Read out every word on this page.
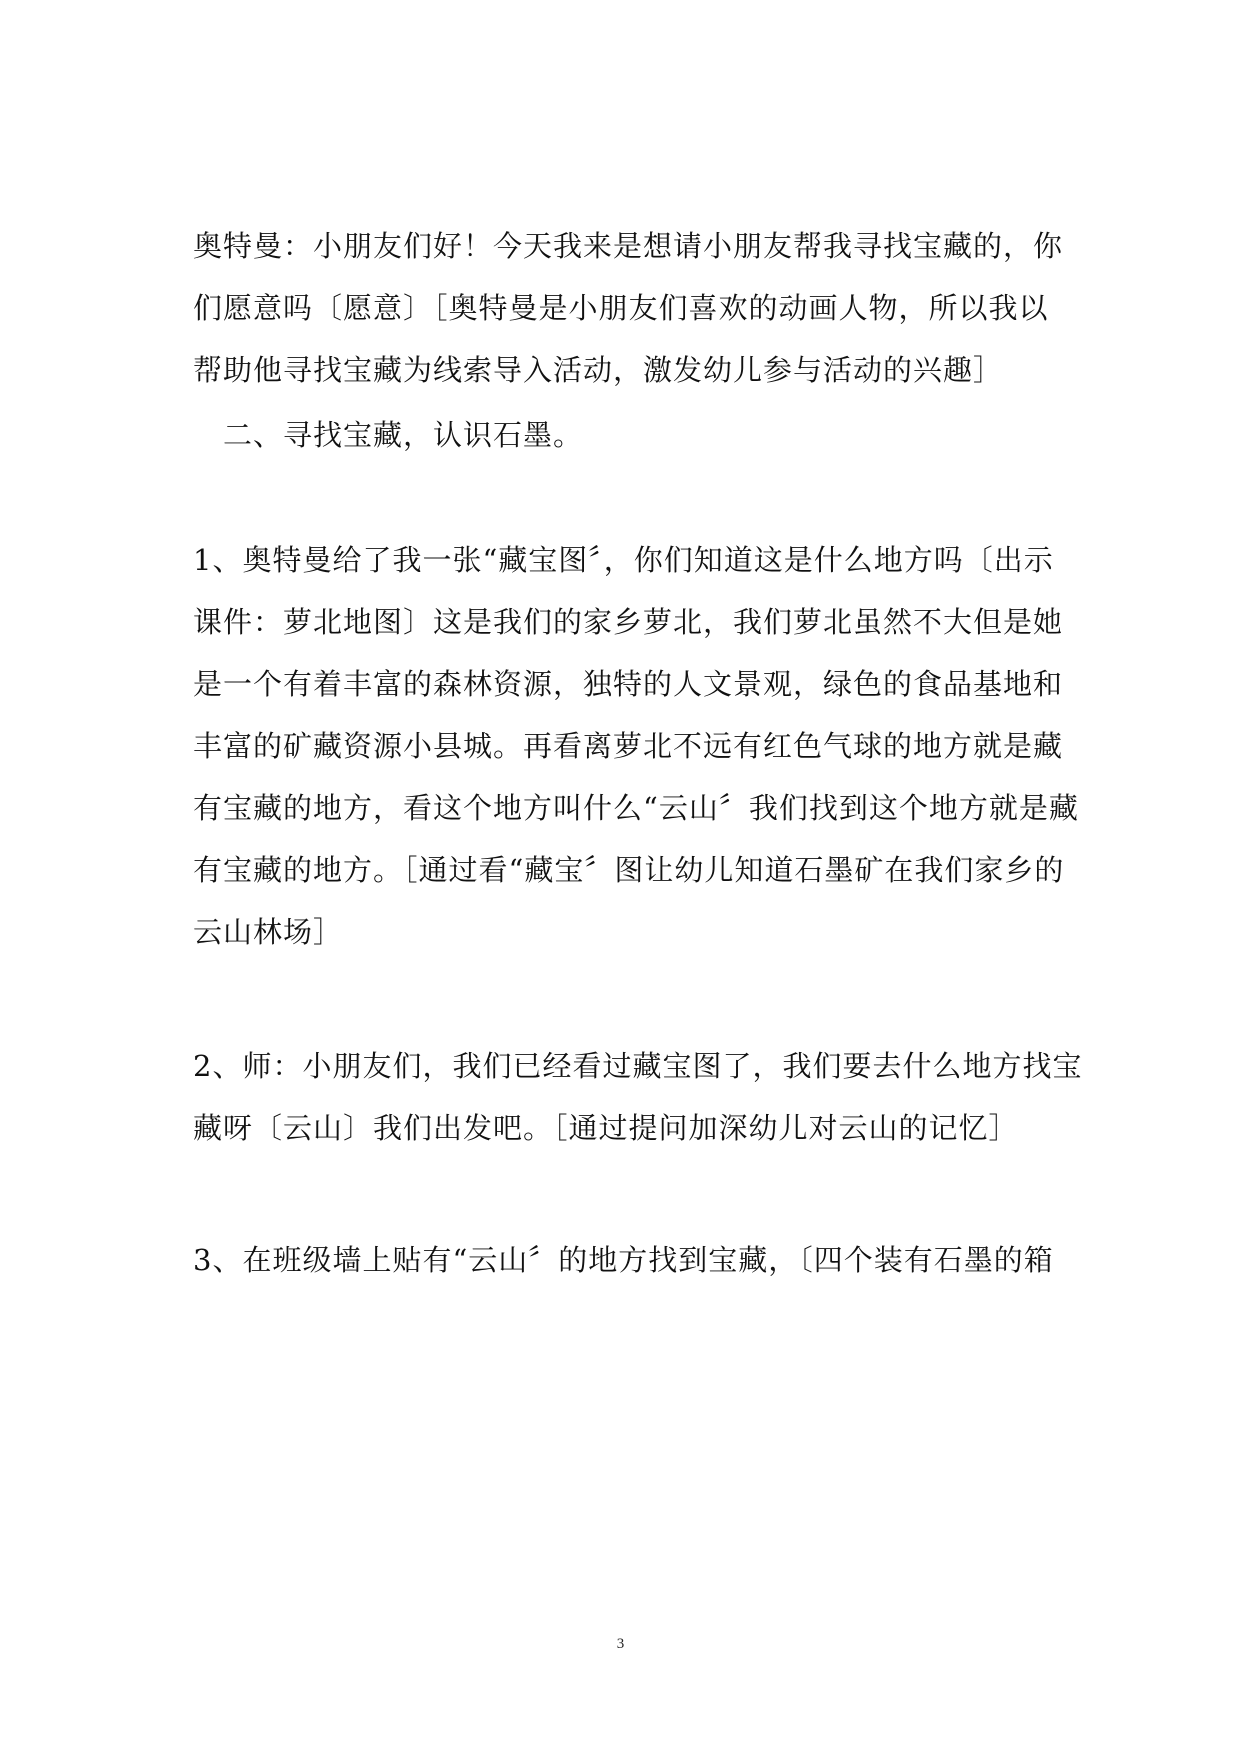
奥特曼：小朋友们好！今天我来是想请小朋友帮我寻找宝藏的，你
们愿意吗〔愿意〕［奥特曼是小朋友们喜欢的动画人物，所以我以
帮助他寻找宝藏为线索导入活动，激发幼儿参与活动的兴趣］
　二、寻找宝藏，认识石墨。
1、奥特曼给了我一张“藏宝图〞，你们知道这是什么地方吗〔出示
课件：萝北地图〕这是我们的家乡萝北，我们萝北虽然不大但是她
是一个有着丰富的森林资源，独特的人文景观，绿色的食品基地和
丰富的矿藏资源小县城。再看离萝北不远有红色气球的地方就是藏
有宝藏的地方，看这个地方叫什么“云山〞我们找到这个地方就是藏
有宝藏的地方。［通过看“藏宝〞图让幼儿知道石墨矿在我们家乡的
云山林场］
2、师：小朋友们，我们已经看过藏宝图了，我们要去什么地方找宝
藏呀〔云山〕我们出发吧。［通过提问加深幼儿对云山的记忆］
3、在班级墙上贴有“云山〞的地方找到宝藏，〔四个装有石墨的箱
3
